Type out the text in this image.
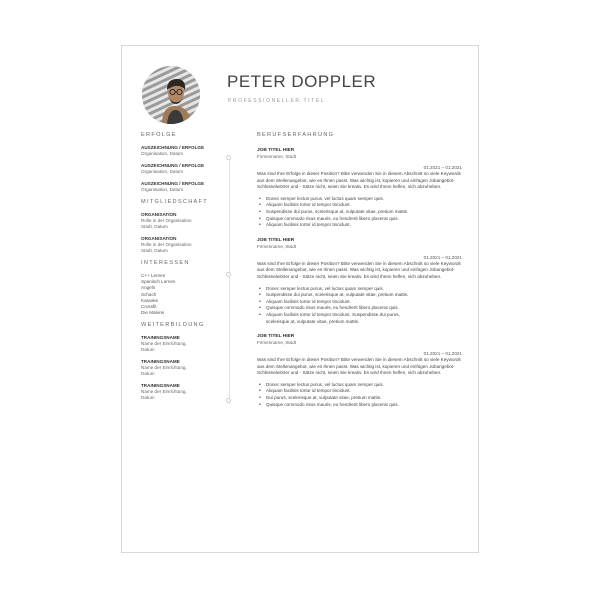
PETER DOPPLER
PROFESSIONELLER TITEL
ERFOLGE
AUSZEICHNUNG / ERFOLGE
Organisation, Datum
AUSZEICHNUNG / ERFOLGE
Organisation, Datum
AUSZEICHNUNG / ERFOLGE
Organisation, Datum
MITGLIEDSCHAFT
ORGANISATION
Rolle in der Organisation
Stadt, Datum
ORGANISATION
Rolle in der Organisation
Stadt, Datum
INTERESSEN
C++ Lernen
Spanisch Lernen
Angeln
Schach
Karaoke
Crossfit
Die Malerei
WEITERBILDUNG
TRAININGSNAME
Name der Einrichtung,
Datum
TRAININGSNAME
Name der Einrichtung,
Datum
TRAININGSNAME
Name der Einrichtung,
Datum
BERUFSERFAHRUNG
JOB TITEL HIER
Firmenname, Stadt
01.2021 – 01.2021
Was sind Ihre Erfolge in dieser Position? Bitte verwenden Sie in diesem Abschnitt so viele Keywords aus dem Stellenangebot, wie es Ihnen passt. Was wichtig ist, kopieren und einfügen Jobangebot-Schlüsselwörter und - Sätze nicht, seien Sie kreativ. Es wird Ihnen helfen, sich abzuheben.
• Donec semper lectus purus, vel luctus quam semper quis.
• Aliquam facilisis tortor id tempor tincidunt.
• Suspendisse dui purus, scelerisque at, vulputate vitae, pretium mattis.
• Quisque commodo risus mauris, eu hendrerit libero placerat quis.
• Aliquam facilisis tortor id tempor tincidunt.
JOB TITEL HIER
Firmenname, Stadt
01.2021 – 01.2021
Was sind Ihre Erfolge in dieser Position? Bitte verwenden Sie in diesem Abschnitt so viele Keywords aus dem Stellenangebot, wie es Ihnen passt. Was wichtig ist, kopieren und einfügen Jobangebot-Schlüsselwörter und - Sätze nicht, seien Sie kreativ. Es wird Ihnen helfen, sich abzuheben.
• Donec semper lectus purus, vel luctus quam semper quis.
• Suspendisse dui purus, scelerisque at, vulputate vitae, pretium mattis.
• Aliquam facilisis tortor id tempor tincidunt.
• Quisque commodo risus mauris, eu hendrerit libero placerat quis.
• Aliquam facilisis tortor id tempor tincidunt. Suspendisse dui purus,
scelerisque at, vulputate vitae, pretium mattis.
JOB TITEL HIER
Firmenname, Stadt
01.2021 – 01.2021
Was sind Ihre Erfolge in dieser Position? Bitte verwenden Sie in diesem Abschnitt so viele Keywords aus dem Stellenangebot, wie es Ihnen passt. Was wichtig ist, kopieren und einfügen Jobangebot-Schlüsselwörter und - Sätze nicht, seien Sie kreativ. Es wird Ihnen helfen, sich abzuheben.
• Donec semper lectus purus, vel luctus quam semper quis.
• Aliquam facilisis tortor id tempor tincidunt.
• Dui purus, scelerisque at, vulputate vitae, pretium mattis.
• Quisque commodo risus mauris, eu hendrerit libero placerat quis.
